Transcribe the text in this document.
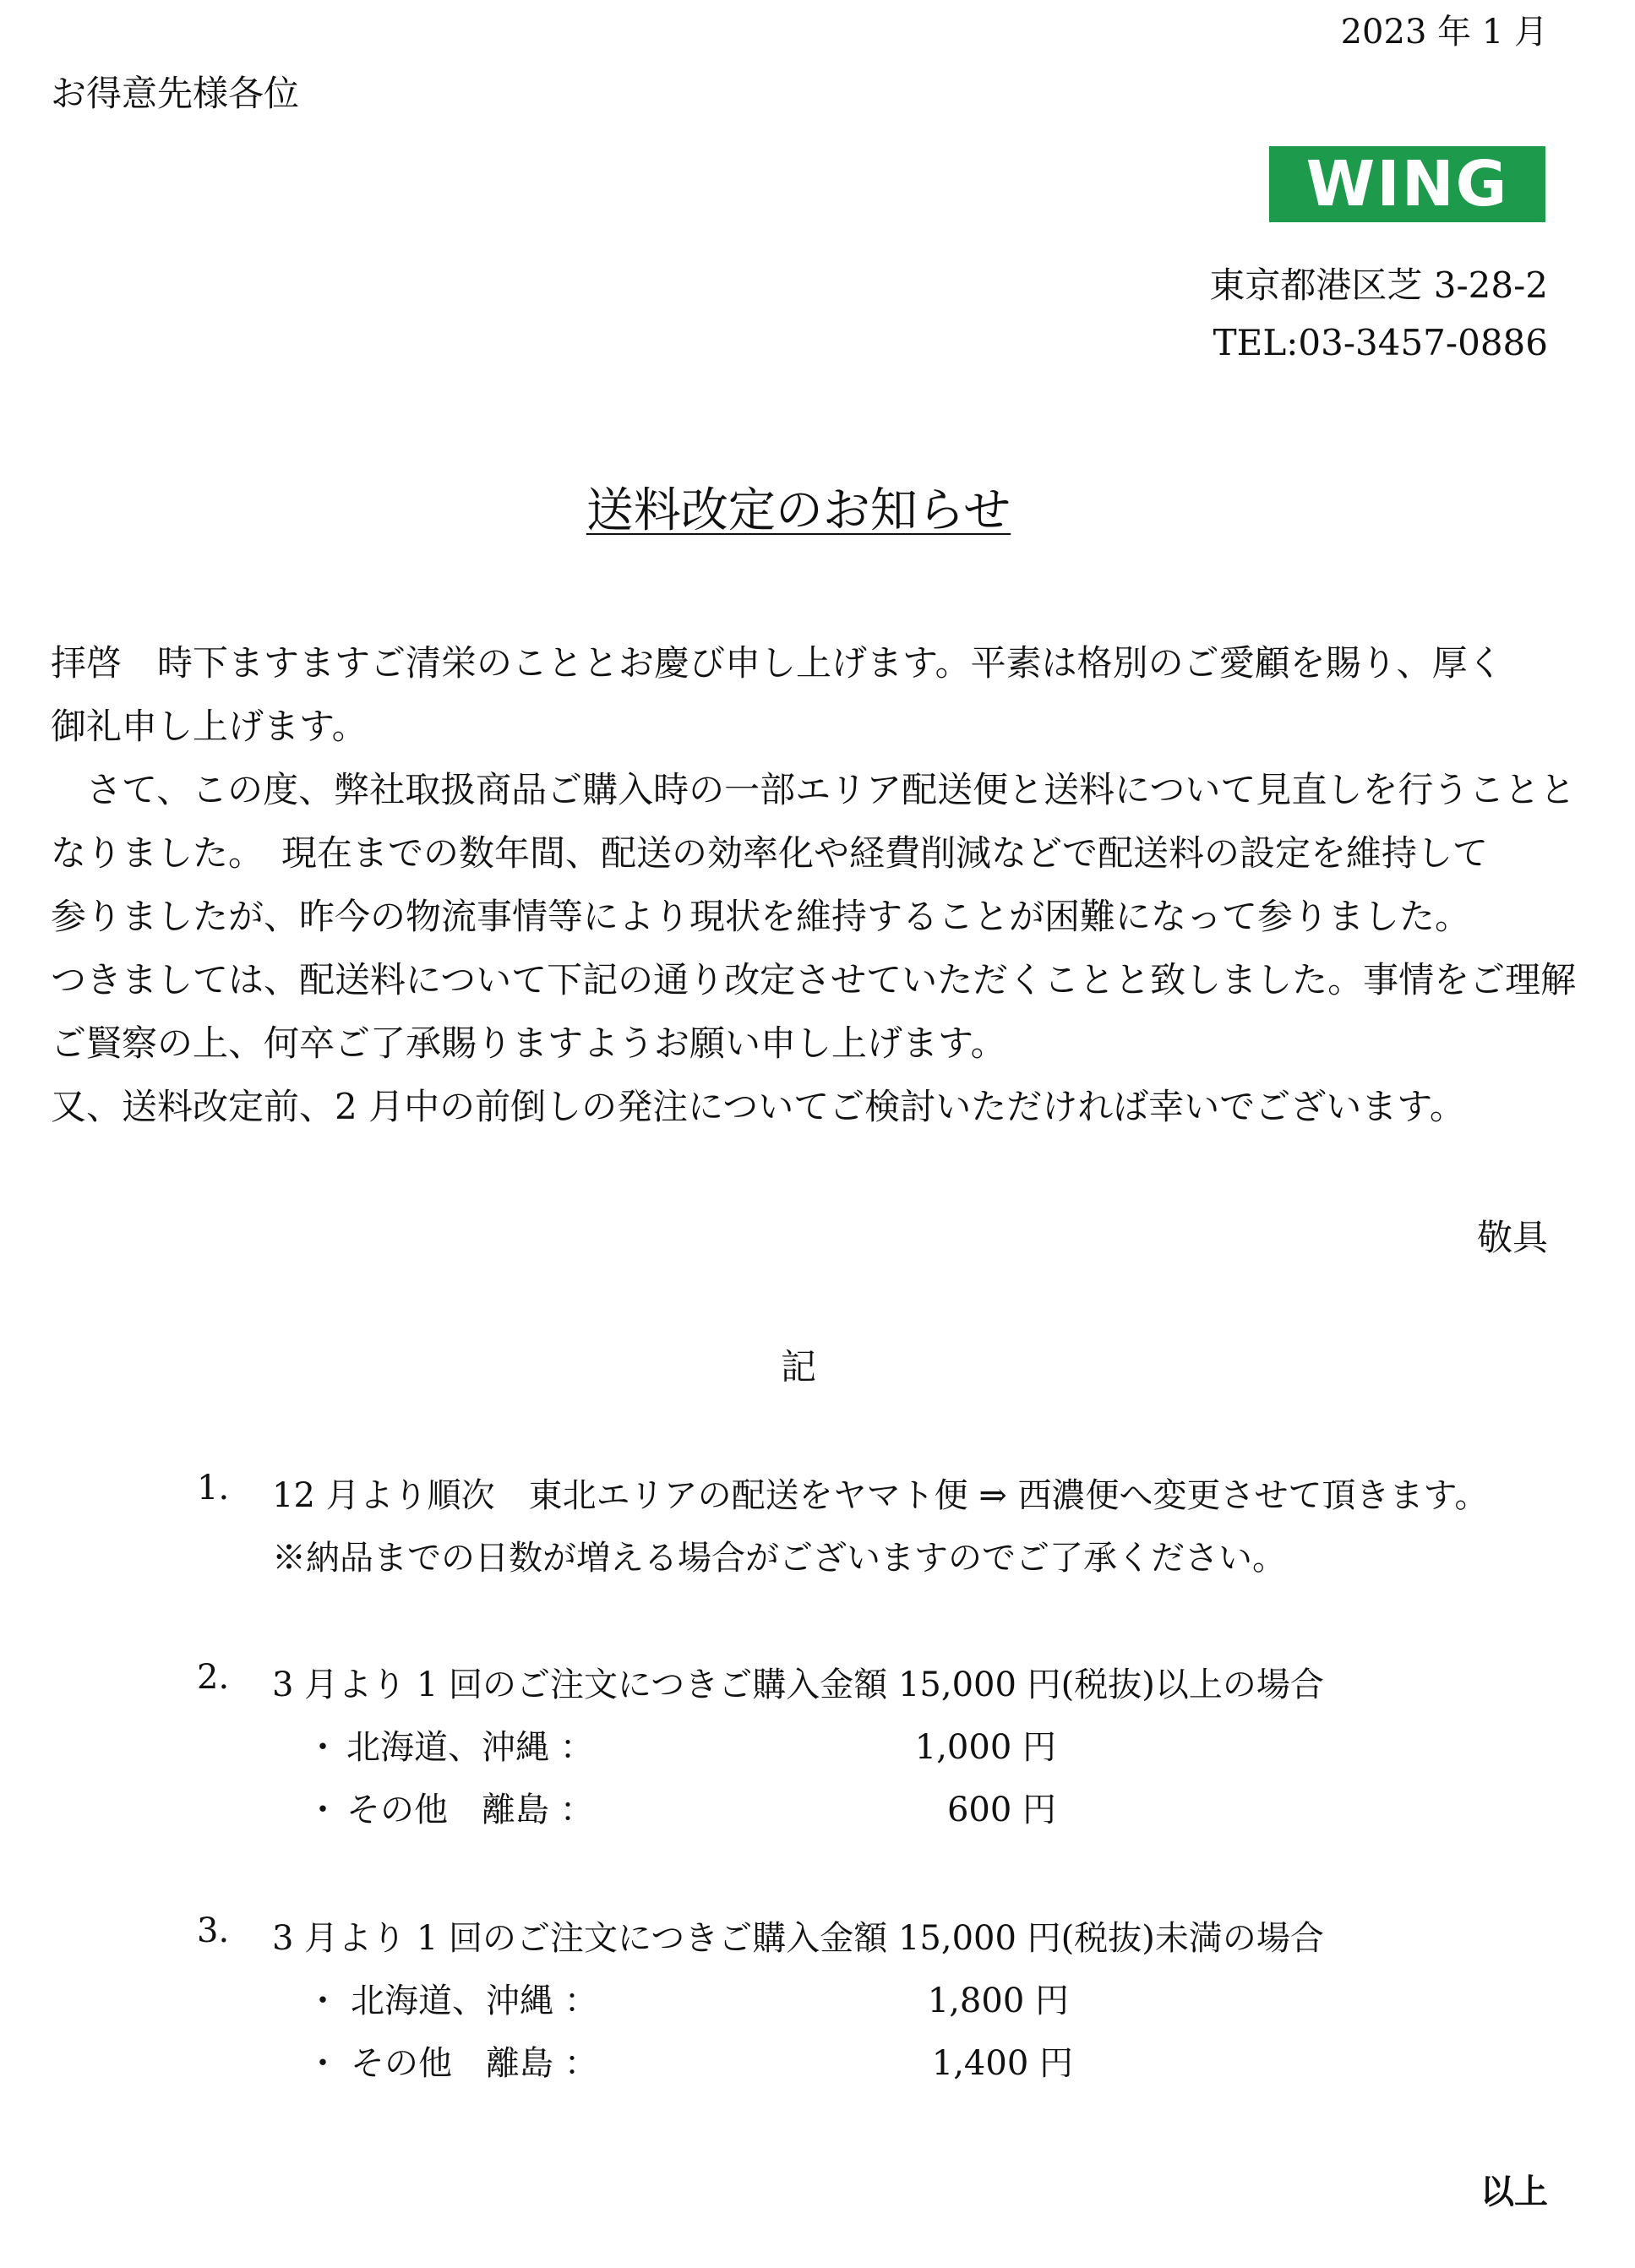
2023 年 1 月
お得意先様各位
WING
東京都港区芝 3-28-2
TEL:03-3457-0886
送料改定のお知らせ
拝啓　時下ますますご清栄のこととお慶び申し上げます。平素は格別のご愛顧を賜り、厚く
御礼申し上げます。
　さて、この度、弊社取扱商品ご購入時の一部エリア配送便と送料について見直しを行うことと
なりました。　現在までの数年間、配送の効率化や経費削減などで配送料の設定を維持して
参りましたが、昨今の物流事情等により現状を維持することが困難になって参りました。
つきましては、配送料について下記の通り改定させていただくことと致しました。事情をご理解
ご賢察の上、何卒ご了承賜りますようお願い申し上げます。
又、送料改定前、2 月中の前倒しの発注についてご検討いただければ幸いでございます。
敬具
記
1. 12 月より順次　東北エリアの配送をヤマト便 ⇒ 西濃便へ変更させて頂きます。
※納品までの日数が増える場合がございますのでご了承ください。
2. 3 月より 1 回のご注文につきご購入金額 15,000 円(税抜)以上の場合
・ 北海道、沖縄 ：	1,000 円
・ その他　離島 ：	600 円
3. 3 月より 1 回のご注文につきご購入金額 15,000 円(税抜)未満の場合
・ 北海道、沖縄 ：	1,800 円
・ その他　離島 ：	1,400 円
以上
